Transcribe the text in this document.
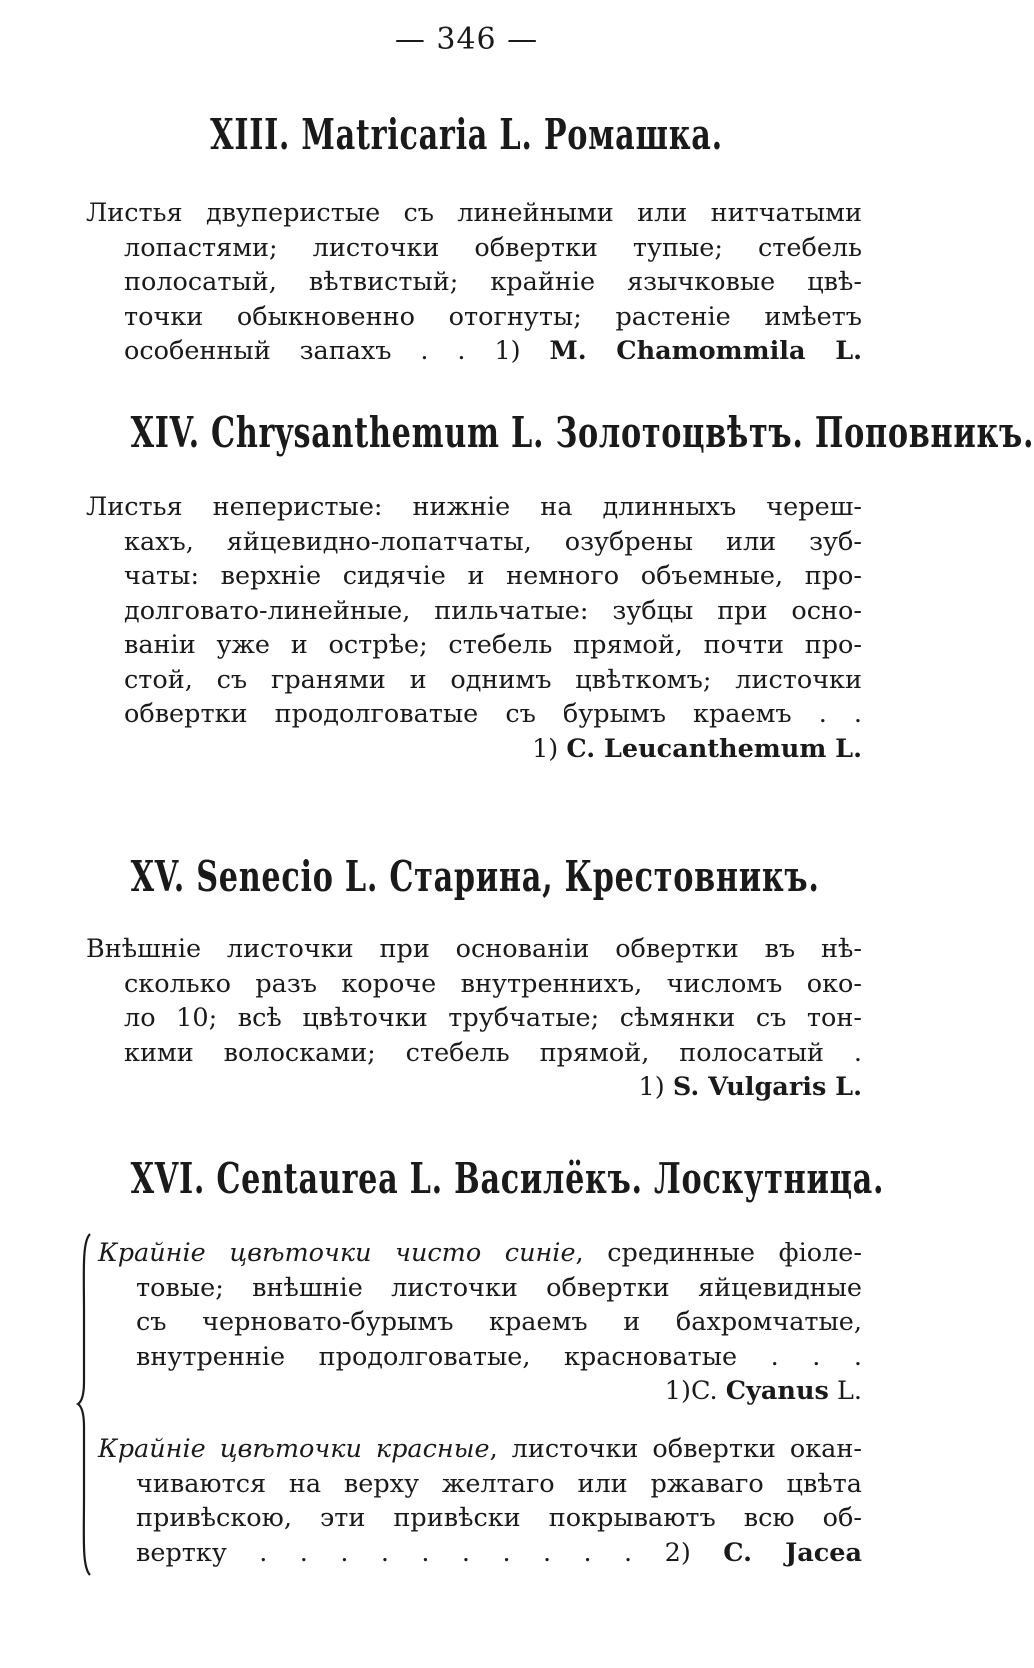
— 346 —
XIII. Matricaria L. Ромашка.
Листья двуперистые съ линейными или нитчатыми
лопастями; листочки обвертки тупые; стебель
полосатый, вѣтвистый; крайніе язычковые цвѣ-
точки обыкновенно отогнуты; растеніе имѣетъ
особенный запахъ . . 1) M. Chamommila L.
XIV. Chrysanthemum L. Золотоцвѣтъ. Поповникъ.
Листья неперистые: нижніе на длинныхъ череш-
кахъ, яйцевидно-лопатчаты, озубрены или зуб-
чаты: верхніе сидячіе и немного объемные, про-
долговато-линейные, пильчатые: зубцы при осно-
ваніи уже и острѣе; стебель прямой, почти про-
стой, съ гранями и однимъ цвѣткомъ; листочки
обвертки продолговатые съ бурымъ краемъ . .
1) C. Leucanthemum L.
XV. Senecio L. Старина, Крестовникъ.
Внѣшніе листочки при основаніи обвертки въ нѣ-
сколько разъ короче внутреннихъ, числомъ око-
ло 10; всѣ цвѣточки трубчатые; сѣмянки съ тон-
кими волосками; стебель прямой, полосатый .
1) S. Vulgaris L.
XVI. Centaurea L. Василёкъ. Лоскутница.
Крайніе цвѣточки чисто синіе, срединные фіоле-
товые; внѣшніе листочки обвертки яйцевидные
съ черновато-бурымъ краемъ и бахромчатые,
внутренніе продолговатые, красноватые . . .
1)C. Cyanus L.
Крайніе цвѣточки красные, листочки обвертки окан-
чиваются на верху желтаго или ржаваго цвѣта
привѣскою, эти привѣски покрываютъ всю об-
вертку . . . . . . . . . . 2) C. Jacea
